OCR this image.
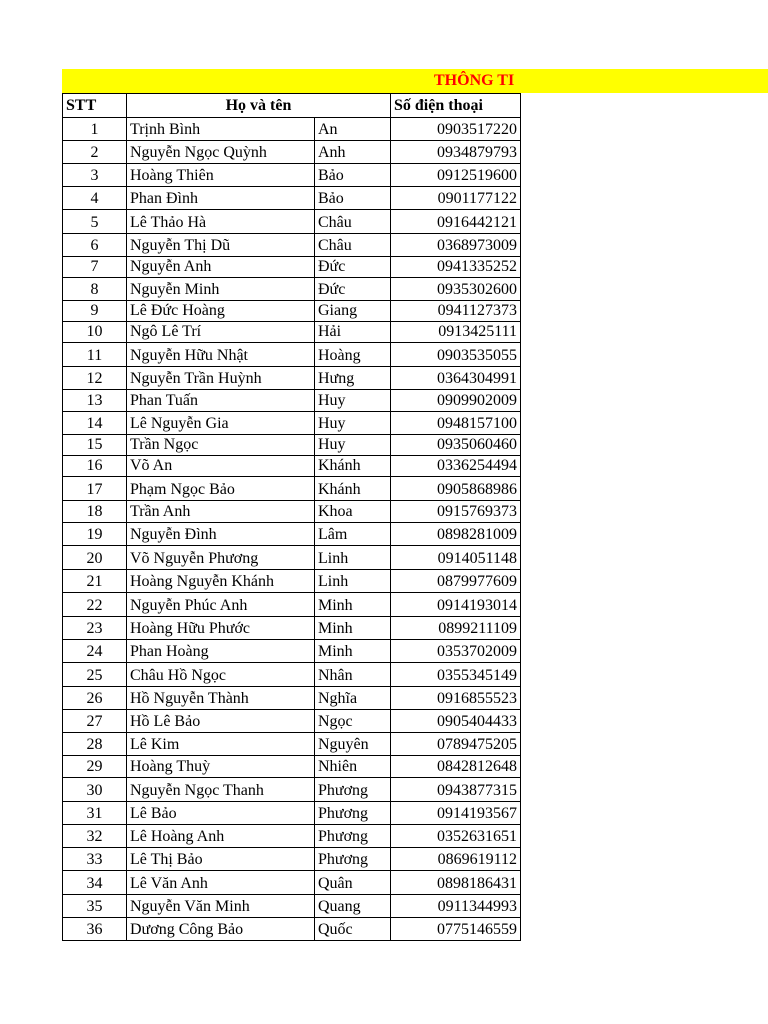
THÔNG TI
STT	Họ và tên		Số điện thoại
1	Trịnh Bình	An	0903517220
2	Nguyễn Ngọc Quỳnh	Anh	0934879793
3	Hoàng Thiên	Bảo	0912519600
4	Phan Đình	Bảo	0901177122
5	Lê Thảo Hà	Châu	0916442121
6	Nguyễn Thị Dũ	Châu	0368973009
7	Nguyễn Anh	Đức	0941335252
8	Nguyễn Minh	Đức	0935302600
9	Lê Đức Hoàng	Giang	0941127373
10	Ngô Lê Trí	Hải	0913425111
11	Nguyễn Hữu Nhật	Hoàng	0903535055
12	Nguyễn Trần Huỳnh	Hưng	0364304991
13	Phan Tuấn	Huy	0909902009
14	Lê Nguyễn Gia	Huy	0948157100
15	Trần Ngọc	Huy	0935060460
16	Võ An	Khánh	0336254494
17	Phạm Ngọc Bảo	Khánh	0905868986
18	Trần Anh	Khoa	0915769373
19	Nguyễn Đình	Lâm	0898281009
20	Võ Nguyễn Phương	Linh	0914051148
21	Hoàng Nguyễn Khánh	Linh	0879977609
22	Nguyễn Phúc Anh	Minh	0914193014
23	Hoàng Hữu Phước	Minh	0899211109
24	Phan Hoàng	Minh	0353702009
25	Châu Hồ Ngọc	Nhân	0355345149
26	Hồ Nguyễn Thành	Nghĩa	0916855523
27	Hồ Lê Bảo	Ngọc	0905404433
28	Lê Kim	Nguyên	0789475205
29	Hoàng Thuỳ	Nhiên	0842812648
30	Nguyễn Ngọc Thanh	Phương	0943877315
31	Lê Bảo	Phương	0914193567
32	Lê Hoàng Anh	Phương	0352631651
33	Lê Thị Bảo	Phương	0869619112
34	Lê Văn Anh	Quân	0898186431
35	Nguyễn Văn Minh	Quang	0911344993
36	Dương Công Bảo	Quốc	0775146559
